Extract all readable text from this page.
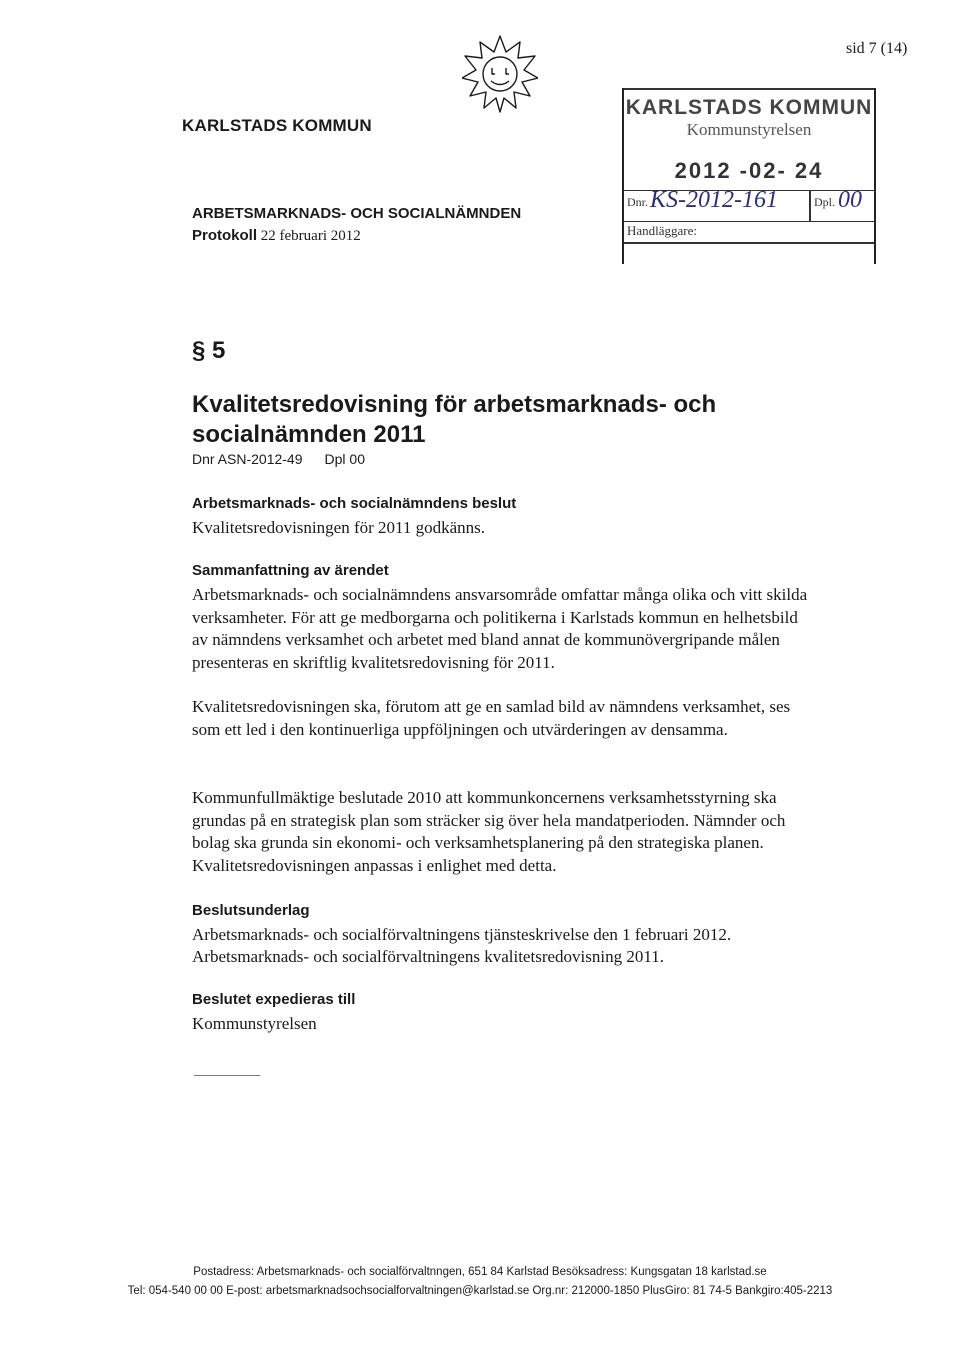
sid 7 (14)
KARLSTADS KOMMUN
ARBETSMARKNADS- OCH SOCIALNÄMNDEN
Protokoll 22 februari 2012
KARLSTADS KOMMUN
Kommunstyrelsen
2012 -02- 24
Dnr. KS-2012-161	Dpl. 00
Handläggare:
§ 5
Kvalitetsredovisning för arbetsmarknads- och socialnämnden 2011
Dnr ASN-2012-49 Dpl 00
Arbetsmarknads- och socialnämndens beslut
Kvalitetsredovisningen för 2011 godkänns.
Sammanfattning av ärendet
Arbetsmarknads- och socialnämndens ansvarsområde omfattar många olika och vitt skilda verksamheter. För att ge medborgarna och politikerna i Karlstads kommun en helhetsbild av nämndens verksamhet och arbetet med bland annat de kommunövergripande målen presenteras en skriftlig kvalitetsredovisning för 2011.
Kvalitetsredovisningen ska, förutom att ge en samlad bild av nämndens verksamhet, ses som ett led i den kontinuerliga uppföljningen och utvärderingen av densamma.
Kommunfullmäktige beslutade 2010 att kommunkoncernens verksamhetsstyrning ska grundas på en strategisk plan som sträcker sig över hela mandatperioden. Nämnder och bolag ska grunda sin ekonomi- och verksamhetsplanering på den strategiska planen. Kvalitetsredovisningen anpassas i enlighet med detta.
Beslutsunderlag
Arbetsmarknads- och socialförvaltningens tjänsteskrivelse den 1 februari 2012.
Arbetsmarknads- och socialförvaltningens kvalitetsredovisning 2011.
Beslutet expedieras till
Kommunstyrelsen
Postadress: Arbetsmarknads- och socialförvaltnngen, 651 84 Karlstad Besöksadress: Kungsgatan 18 karlstad.se
Tel: 054-540 00 00 E-post: arbetsmarknadsochsocialforvaltningen@karlstad.se Org.nr: 212000-1850 PlusGiro: 81 74-5 Bankgiro:405-2213
